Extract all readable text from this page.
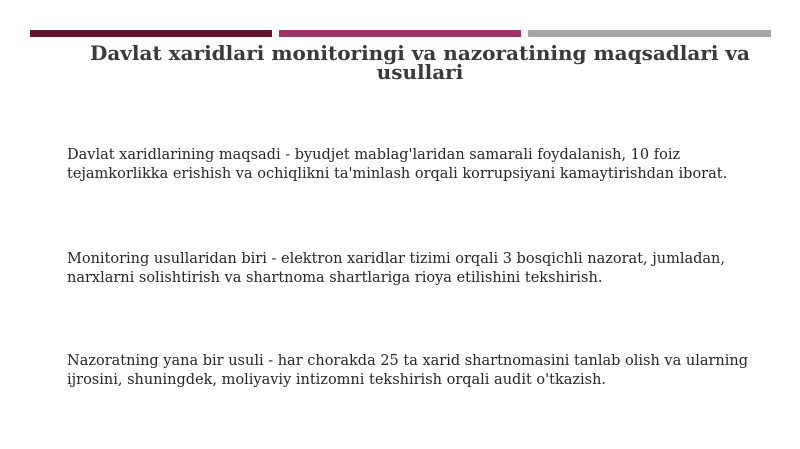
Davlat xaridlari monitoringi va nazoratining maqsadlari va usullari

Davlat xaridlarining maqsadi - byudjet mablag'laridan samarali foydalanish, 10 foiz tejamkorlikka erishish va ochiqlikni ta'minlash orqali korrupsiyani kamaytirishdan iborat.

Monitoring usullaridan biri - elektron xaridlar tizimi orqali 3 bosqichli nazorat, jumladan, narxlarni solishtirish va shartnoma shartlariga rioya etilishini tekshirish.

Nazoratning yana bir usuli - har chorakda 25 ta xarid shartnomasini tanlab olish va ularning ijrosini, shuningdek, moliyaviy intizomni tekshirish orqali audit o'tkazish.
